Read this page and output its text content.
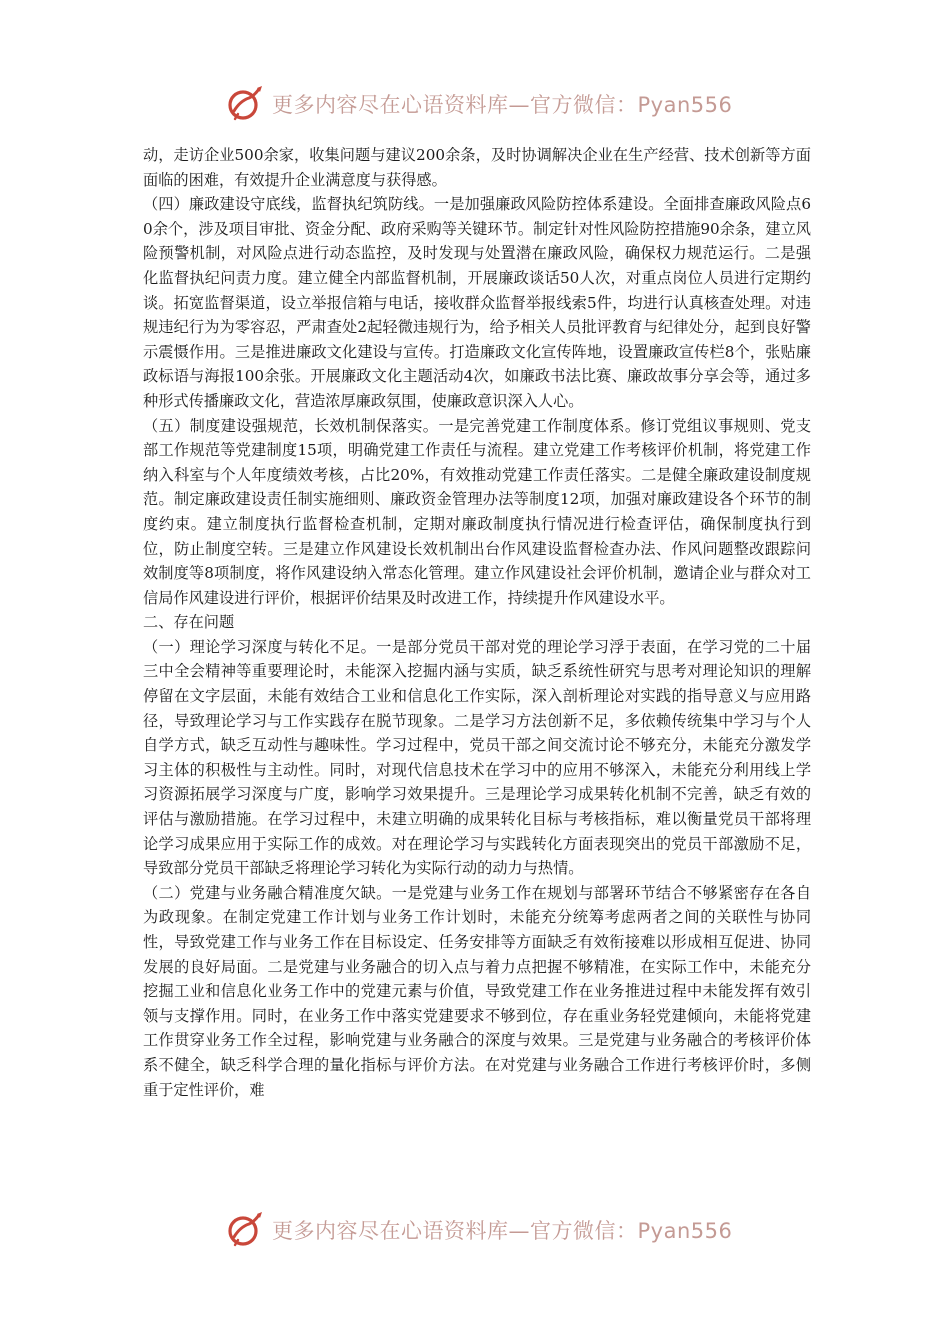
更多内容尽在心语资料库—官方微信：Pyan556

动，走访企业500余家，收集问题与建议200余条，及时协调解决企业在生产经营、技术创新等方面面临的困难，有效提升企业满意度与获得感。

（四）廉政建设守底线，监督执纪筑防线。一是加强廉政风险防控体系建设。全面排查廉政风险点60余个，涉及项目审批、资金分配、政府采购等关键环节。制定针对性风险防控措施90余条，建立风险预警机制，对风险点进行动态监控，及时发现与处置潜在廉政风险，确保权力规范运行。二是强化监督执纪问责力度。建立健全内部监督机制，开展廉政谈话50人次，对重点岗位人员进行定期约谈。拓宽监督渠道，设立举报信箱与电话，接收群众监督举报线索5件，均进行认真核查处理。对违规违纪行为为零容忍，严肃查处2起轻微违规行为，给予相关人员批评教育与纪律处分，起到良好警示震慑作用。三是推进廉政文化建设与宣传。打造廉政文化宣传阵地，设置廉政宣传栏8个，张贴廉政标语与海报100余张。开展廉政文化主题活动4次，如廉政书法比赛、廉政故事分享会等，通过多种形式传播廉政文化，营造浓厚廉政氛围，使廉政意识深入人心。

（五）制度建设强规范，长效机制保落实。一是完善党建工作制度体系。修订党组议事规则、党支部工作规范等党建制度15项，明确党建工作责任与流程。建立党建工作考核评价机制，将党建工作纳入科室与个人年度绩效考核，占比20%，有效推动党建工作责任落实。二是健全廉政建设制度规范。制定廉政建设责任制实施细则、廉政资金管理办法等制度12项，加强对廉政建设各个环节的制度约束。建立制度执行监督检查机制，定期对廉政制度执行情况进行检查评估，确保制度执行到位，防止制度空转。三是建立作风建设长效机制出台作风建设监督检查办法、作风问题整改跟踪问效制度等8项制度，将作风建设纳入常态化管理。建立作风建设社会评价机制，邀请企业与群众对工信局作风建设进行评价，根据评价结果及时改进工作，持续提升作风建设水平。

二、存在问题

（一）理论学习深度与转化不足。一是部分党员干部对党的理论学习浮于表面，在学习党的二十届三中全会精神等重要理论时，未能深入挖掘内涵与实质，缺乏系统性研究与思考对理论知识的理解停留在文字层面，未能有效结合工业和信息化工作实际，深入剖析理论对实践的指导意义与应用路径，导致理论学习与工作实践存在脱节现象。二是学习方法创新不足，多依赖传统集中学习与个人自学方式，缺乏互动性与趣味性。学习过程中，党员干部之间交流讨论不够充分，未能充分激发学习主体的积极性与主动性。同时，对现代信息技术在学习中的应用不够深入，未能充分利用线上学习资源拓展学习深度与广度，影响学习效果提升。三是理论学习成果转化机制不完善，缺乏有效的评估与激励措施。在学习过程中，未建立明确的成果转化目标与考核指标，难以衡量党员干部将理论学习成果应用于实际工作的成效。对在理论学习与实践转化方面表现突出的党员干部激励不足，导致部分党员干部缺乏将理论学习转化为实际行动的动力与热情。

（二）党建与业务融合精准度欠缺。一是党建与业务工作在规划与部署环节结合不够紧密存在各自为政现象。在制定党建工作计划与业务工作计划时，未能充分统筹考虑两者之间的关联性与协同性，导致党建工作与业务工作在目标设定、任务安排等方面缺乏有效衔接难以形成相互促进、协同发展的良好局面。二是党建与业务融合的切入点与着力点把握不够精准，在实际工作中，未能充分挖掘工业和信息化业务工作中的党建元素与价值，导致党建工作在业务推进过程中未能发挥有效引领与支撑作用。同时，在业务工作中落实党建要求不够到位，存在重业务轻党建倾向，未能将党建工作贯穿业务工作全过程，影响党建与业务融合的深度与效果。三是党建与业务融合的考核评价体系不健全，缺乏科学合理的量化指标与评价方法。在对党建与业务融合工作进行考核评价时，多侧重于定性评价，难

更多内容尽在心语资料库—官方微信：Pyan556
